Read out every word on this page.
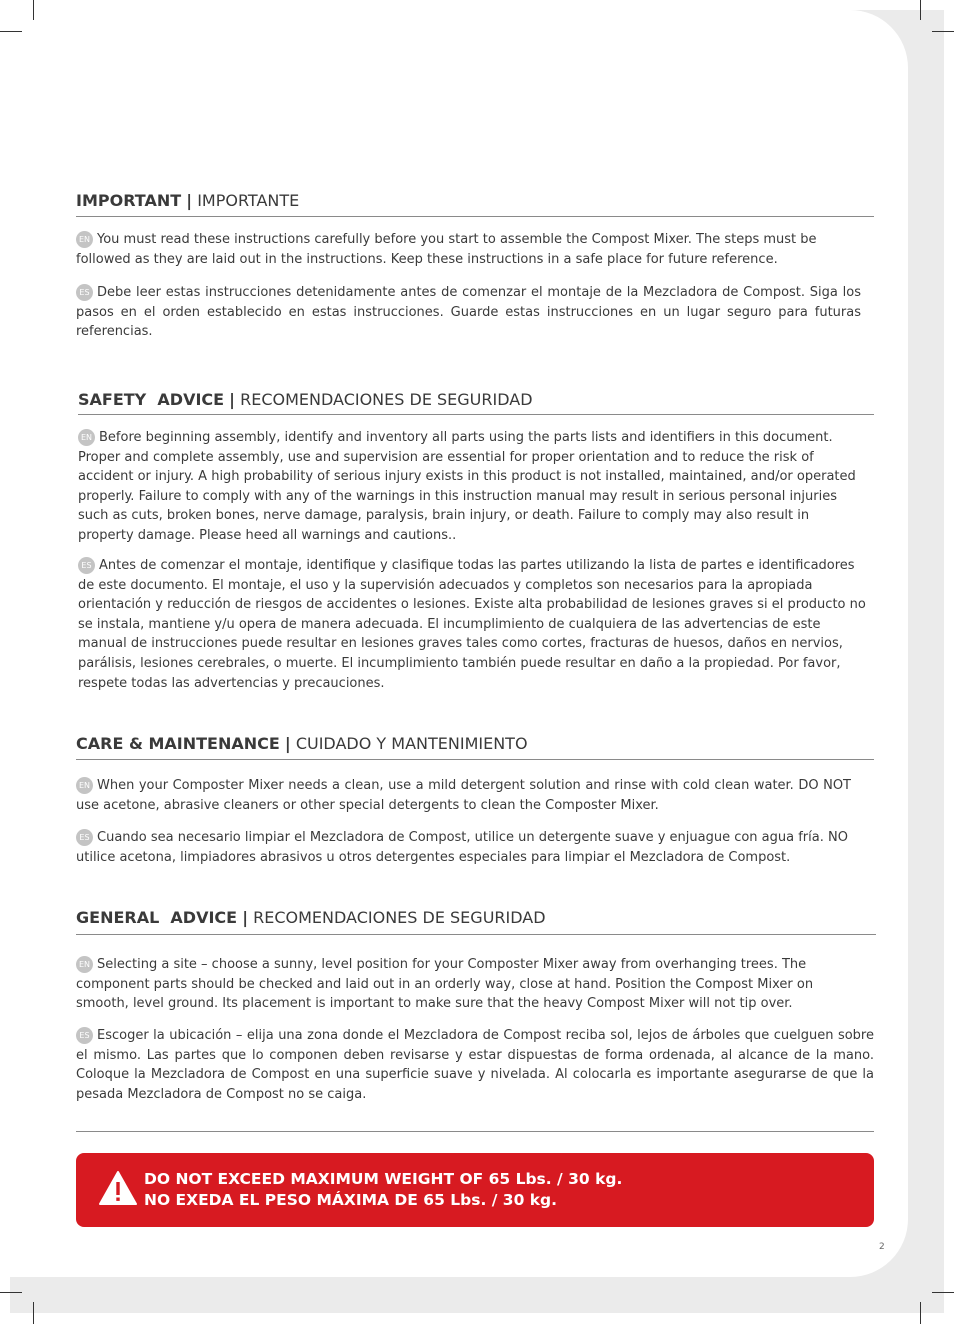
IMPORTANT | IMPORTANTE

EN You must read these instructions carefully before you start to assemble the Compost Mixer. The steps must be followed as they are laid out in the instructions. Keep these instructions in a safe place for future reference.

ES Debe leer estas instrucciones detenidamente antes de comenzar el montaje de la Mezcladora de Compost. Siga los pasos en el orden establecido en estas instrucciones. Guarde estas instrucciones en un lugar seguro para futuras referencias.

SAFETY  ADVICE | RECOMENDACIONES DE SEGURIDAD

EN Before beginning assembly, identify and inventory all parts using the parts lists and identifiers in this document. Proper and complete assembly, use and supervision are essential for proper orientation and to reduce the risk of accident or injury. A high probability of serious injury exists in this product is not installed, maintained, and/or operated properly. Failure to comply with any of the warnings in this instruction manual may result in serious personal injuries such as cuts, broken bones, nerve damage, paralysis, brain injury, or death. Failure to comply may also result in property damage. Please heed all warnings and cautions..

ES Antes de comenzar el montaje, identifique y clasifique todas las partes utilizando la lista de partes e identificadores de este documento. El montaje, el uso y la supervisión adecuados y completos son necesarios para la apropiada orientación y reducción de riesgos de accidentes o lesiones. Existe alta probabilidad de lesiones graves si el producto no se instala, mantiene y/u opera de manera adecuada. El incumplimiento de cualquiera de las advertencias de este manual de instrucciones puede resultar en lesiones graves tales como cortes, fracturas de huesos, daños en nervios, parálisis, lesiones cerebrales, o muerte. El incumplimiento también puede resultar en daño a la propiedad. Por favor, respete todas las advertencias y precauciones.

CARE & MAINTENANCE | CUIDADO Y MANTENIMIENTO

EN When your Composter Mixer needs a clean, use a mild detergent solution and rinse with cold clean water. DO NOT use acetone, abrasive cleaners or other special detergents to clean the Composter Mixer.

ES Cuando sea necesario limpiar el Mezcladora de Compost, utilice un detergente suave y enjuague con agua fría. NO utilice acetona, limpiadores abrasivos u otros detergentes especiales para limpiar el Mezcladora de Compost.

GENERAL  ADVICE | RECOMENDACIONES DE SEGURIDAD

EN Selecting a site – choose a sunny, level position for your Composter Mixer away from overhanging trees. The component parts should be checked and laid out in an orderly way, close at hand. Position the Compost Mixer on smooth, level ground. Its placement is important to make sure that the heavy Compost Mixer will not tip over.

ES Escoger la ubicación – elija una zona donde el Mezcladora de Compost reciba sol, lejos de árboles que cuelguen sobre el mismo. Las partes que lo componen deben revisarse y estar dispuestas de forma ordenada, al alcance de la mano. Coloque la Mezcladora de Compost en una superficie suave y nivelada. Al colocarla es importante asegurarse de que la pesada Mezcladora de Compost no se caiga.

DO NOT EXCEED MAXIMUM WEIGHT OF 65 Lbs. / 30 kg.
NO EXEDA EL PESO MÁXIMA DE 65 Lbs. / 30 kg.
2
